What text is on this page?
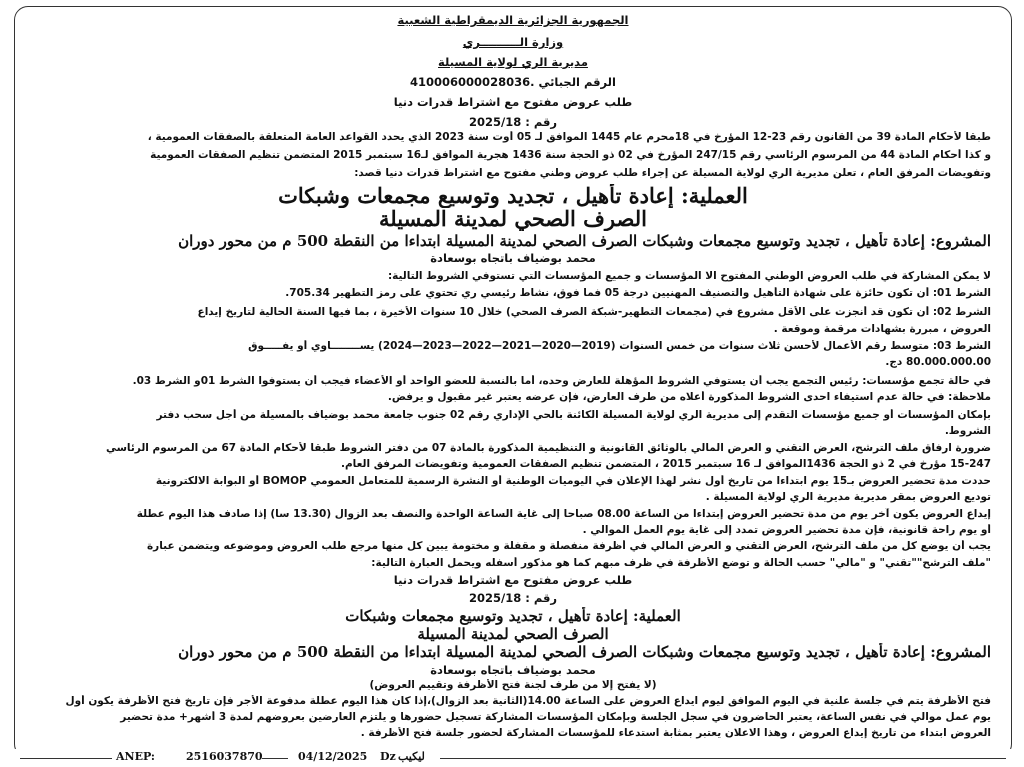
الجمهورية الجزائرية الديمقراطية الشعبية
وزارة الــــــــــري
مديرية الري لولاية المسيلة
الرقم الجبائي .410006000028036
طلب عروض مفتوح مع اشتراط قدرات دنيا
رقم : 2025/18
طبقا لأحكام المادة 39 من القانون رقم 23-12 المؤرخ في 18محرم عام 1445 الموافق لـ 05 أوت سنة 2023 الذي يحدد القواعد العامة المتعلقة بالصفقات العمومية ،
و كذا أحكام المادة 44 من المرسوم الرئاسي رقم 247/15 المؤرخ في 02 ذو الحجة سنة 1436 هجرية الموافق لـ16 سبتمبر 2015 المتضمن تنظيم الصفقات العمومية
وتفويضات المرفق العام ، تعلن مديرية الري لولاية المسيلة عن إجراء طلب عروض وطني مفتوح مع اشتراط قدرات دنيا قصد:
العملية: إعادة تأهيل ، تجديد وتوسيع مجمعات وشبكات
الصرف الصحي لمدينة المسيلة
المشروع: إعادة تأهيل ، تجديد وتوسيع مجمعات وشبكات الصرف الصحي لمدينة المسيلة ابتداءا من النقطة 500 م من محور دوران
محمد بوضياف باتجاه بوسعادة
لا يمكن المشاركة في طلب العروض الوطني المفتوح الا المؤسسات و جميع المؤسسات التي تستوفي الشروط التالية:
الشرط 01: أن تكون حائزة على شهادة التأهيل والتصنيف المهنيين درجة 05 فما فوق، نشاط رئيسي ري تحتوي على رمز التطهير 705.34.
الشرط 02: أن تكون قد أنجزت على الأقل مشروع في (مجمعات التطهير-شبكة الصرف الصحي) خلال 10 سنوات الأخيرة ، بما فيها السنة الحالية لتاريخ إيداع
العروض ، مبررة بشهادات مرقمة وموقعة .
الشرط 03: متوسط رقم الأعمال لأحسن ثلاث سنوات من خمس السنوات (2019—2020—2021—2022—2023—2024) يســــــــاوي أو يفـــــوق
80.000.000.00 دج.
في حالة تجمع مؤسسات: رئيس التجمع يجب أن يستوفي الشروط المؤهلة للعارض وحده، أما بالنسبة للعضو الواحد أو الأعضاء فيجب أن يستوفوا الشرط 01و الشرط 03.
ملاحظة: في حالة عدم استيفاء احدى الشروط المذكورة أعلاه من طرف العارض، فإن عرضه يعتبر غير مقبول و يرفض.
بإمكان المؤسسات أو جميع مؤسسات التقدم إلى مديرية الري لولاية المسيلة الكائنة بالحي الإداري رقم 02 جنوب جامعة محمد بوضياف بالمسيلة من أجل سحب دفتر
الشروط.
ضرورة ارفاق ملف الترشح، العرض التقني و العرض المالي بالوثائق القانونية و التنظيمية المذكورة بالمادة 07 من دفتر الشروط طبقا لأحكام المادة 67 من المرسوم الرئاسي
15-247 مؤرخ في 2 ذو الحجة 1436الموافق لـ 16 سبتمبر 2015 ، المتضمن تنظيم الصفقات العمومية وتفويضات المرفق العام.
حددت مدة تحضير العروض بـ15 يوم ابتداءا من تاريخ أول نشر لهذا الإعلان في اليوميات الوطنية أو النشرة الرسمية للمتعامل العمومي BOMOP أو البوابة الالكترونية
توديع العروض بمقر مديرية مديرية الري لولاية المسيلة .
إيداع العروض يكون آخر يوم من مدة تحضير العروض إبتداءا من الساعة 08.00 صباحا إلى غاية الساعة الواحدة والنصف بعد الزوال (13.30 سا) إذا صادف هذا اليوم عطلة
أو يوم راحة قانونية، فإن مدة تحضير العروض تمدد إلى غاية يوم العمل الموالي .
يجب أن يوضع كل من ملف الترشح، العرض التقني و العرض المالي في أظرفة منفصلة و مقفلة و مختومة يبين كل منها مرجع طلب العروض وموضوعه ويتضمن عبارة
"ملف الترشح""تقني" و "مالي" حسب الحالة و توضع الأظرفة في ظرف مبهم كما هو مذكور أسفله ويحمل العبارة التالية:
طلب عروض مفتوح مع اشتراط قدرات دنيا
رقم : 2025/18
العملية: إعادة تأهيل ، تجديد وتوسيع مجمعات وشبكات
الصرف الصحي لمدينة المسيلة
المشروع: إعادة تأهيل ، تجديد وتوسيع مجمعات وشبكات الصرف الصحي لمدينة المسيلة ابتداءا من النقطة 500 م من محور دوران
محمد بوضياف باتجاه بوسعادة
(لا يفتح إلا من طرف لجنة فتح الأظرفة وتقييم العروض)
فتح الأظرفة يتم في جلسة علنية في اليوم الموافق ليوم ايداع العروض على الساعة 14.00(الثانية بعد الزوال)،إذا كان هذا اليوم عطلة مدفوعة الأجر فإن تاريخ فتح الأظرفة يكون أول
يوم عمل موالي في نفس الساعة، يعتبر الحاضرون في سجل الجلسة وبإمكان المؤسسات المشاركة تسجيل حضورها و يلتزم العارضين بعروضهم لمدة 3 أشهر+ مدة تحضير
العروض ابتداء من تاريخ إيداع العروض ، وهذا الاعلان يعتبر بمثابة استدعاء للمؤسسات المشاركة لحضور جلسة فتح الأظرفة .
ANEP:	2516037870	04/12/2025 Dz ليكيب
